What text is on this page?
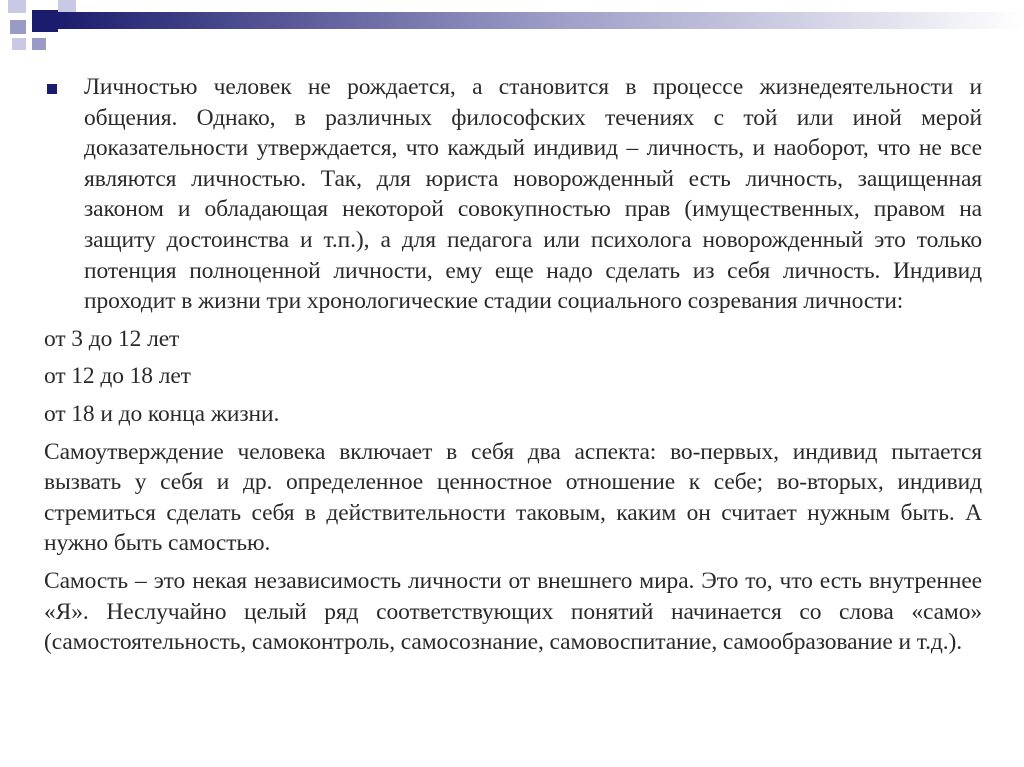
Личностью человек не рождается, а становится в процессе жизнедеятельности и общения. Однако, в различных философских течениях с той или иной мерой доказательности утверждается, что каждый индивид – личность, и наоборот, что не все являются личностью. Так, для юриста новорожденный есть личность, защищенная законом и обладающая некоторой совокупностью прав (имущественных, правом на защиту достоинства и т.п.), а для педагога или психолога новорожденный это только потенция полноценной личности, ему еще надо сделать из себя личность. Индивид проходит в жизни три хронологические стадии социального созревания личности:
от 3 до 12 лет
от 12 до 18 лет
от 18 и до конца жизни.
Самоутверждение человека включает в себя два аспекта: во-первых, индивид пытается вызвать у себя и др. определенное ценностное отношение к себе; во-вторых, индивид стремиться сделать себя в действительности таковым, каким он считает нужным быть. А нужно быть самостью.
Самость – это некая независимость личности от внешнего мира. Это то, что есть внутреннее «Я». Неслучайно целый ряд соответствующих понятий начинается со слова «само» (самостоятельность, самоконтроль, самосознание, самовоспитание, самообразование и т.д.).
